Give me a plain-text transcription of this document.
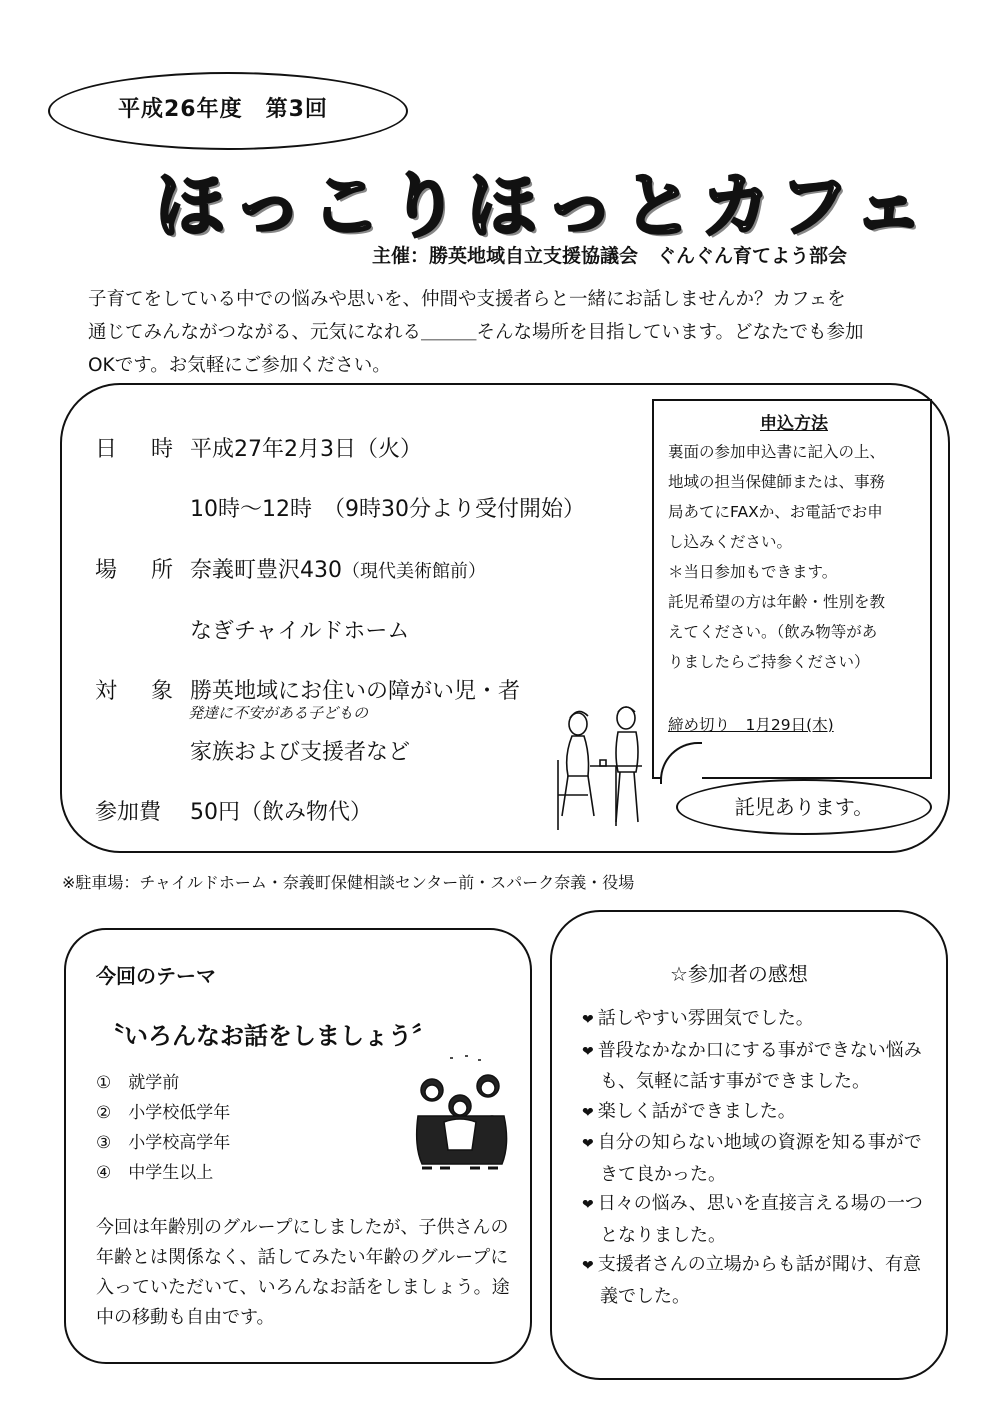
平成26年度　第3回
ほっこりほっとカフェ
主催：勝英地域自立支援協議会　ぐんぐん育てよう部会
子育てをしている中での悩みや思いを、仲間や支援者らと一緒にお話しませんか？カフェを
通じてみんながつながる、元気になれる＿＿＿そんな場所を目指しています。どなたでも参加
OKです。お気軽にご参加ください。
日　時 平成27年2月3日（火）
10時～12時　（9時30分より受付開始）
場　所 奈義町豊沢430（現代美術館前）
なぎチャイルドホーム
対　象 勝英地域にお住いの障がい児・者
発達に不安がある子どもの
家族および支援者など
参加費 50円（飲み物代）
申込方法
裏面の参加申込書に記入の上、
地域の担当保健師または、事務
局あてにFAXか、お電話でお申
し込みください。
＊当日参加もできます。
託児希望の方は年齢・性別を教
えてください。（飲み物等があ
りましたらご持参ください）
締め切り　1月29日(木)
託児あります。
※駐車場：チャイルドホーム・奈義町保健相談センター前・スパーク奈義・役場
今回のテーマ
〝いろんなお話をしましょう〞
①　就学前
②　小学校低学年
③　小学校高学年
④　中学生以上
今回は年齢別のグループにしましたが、子供さんの年齢とは関係なく、話してみたい年齢のグループに入っていただいて、いろんなお話をしましょう。途中の移動も自由です。
☆参加者の感想
❤ 話しやすい雰囲気でした。
❤ 普段なかなか口にする事ができない悩みも、気軽に話す事ができました。
❤ 楽しく話ができました。
❤ 自分の知らない地域の資源を知る事ができて良かった。
❤ 日々の悩み、思いを直接言える場の一つとなりました。
❤ 支援者さんの立場からも話が聞け、有意義でした。
